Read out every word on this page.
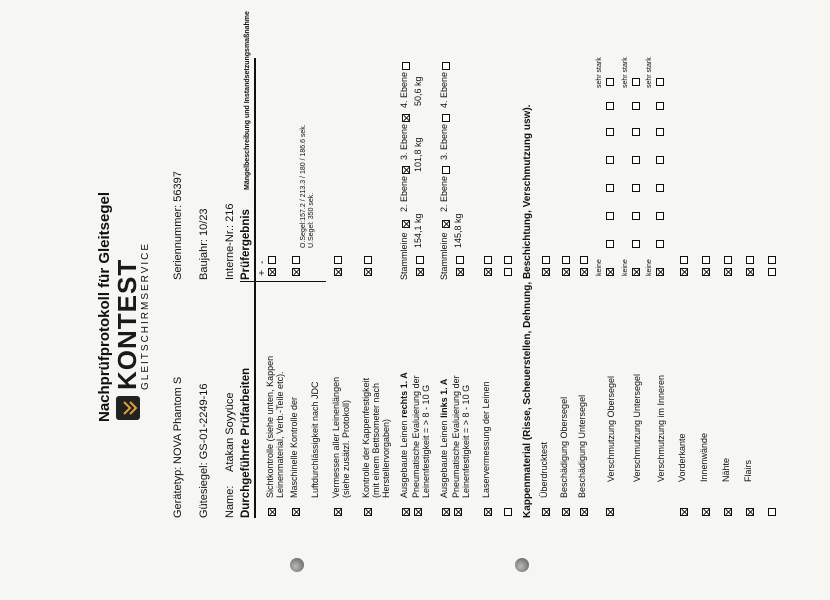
Nachprüfprotokoll für Gleitsegel KONTEST
GLEITSCHIRMSERVICE
Gerätetyp:
NOVA Phantom S
Seriennummer: 56397
Gütesiegel: GS-01-2249-16
Baujahr: 10/23
Name:
Atakan Soyyüce
Interne-Nr.: 216
Durchgeführte Prüfarbeiten
Prüfergebnis
Mängelbeschreibung und Instandsetzungsmaßnahme
+
-
Sichtkontrolle (siehe unten, Kappen Leinenmaterial, Verb.-Teile etc). Maschinelle Kontrolle der Luftdurchlässigkeit nach JDC
O.Segel:157.2 / 213.3 / 180 / 186.6 sek. U.Segel: 350 sek.
Vermessen aller Leinenlängen (siehe zusätzl. Protokoll) Kontrolle der Kappenfestigkeit (mit einem Bettsometer nach Herstellervorgaben) Ausgebaute Leinen rechts 1. A Pneumatische Evaluierung der Leinenfestigkeit = > 8 - 10 G
Stammleine
2. Ebene
3. Ebene
4. Ebene
154,1 kg
101,8 kg
50,6 kg
Ausgebaute Leinen links 1. A Pneumatische Evaluierung der Leinenfestigkeit = > 8 - 10 G
Stammleine
2. Ebene
3. Ebene
4. Ebene
145,8 kg
Laservermessung der Leinen	Kappenmaterial (Risse, Scheuerstellen, Dehnung, Beschichtung, Verschmutzung usw). Überdrucktest Beschädigung Obersegel Beschädigung Untersegel Verschmutzung Obersegel
keine
sehr stark
Verschmutzung Untersegel
keine
sehr stark
Verschmutzung im Inneren
keine
sehr stark
Vorderkante Innenwände Nähte Flairs
